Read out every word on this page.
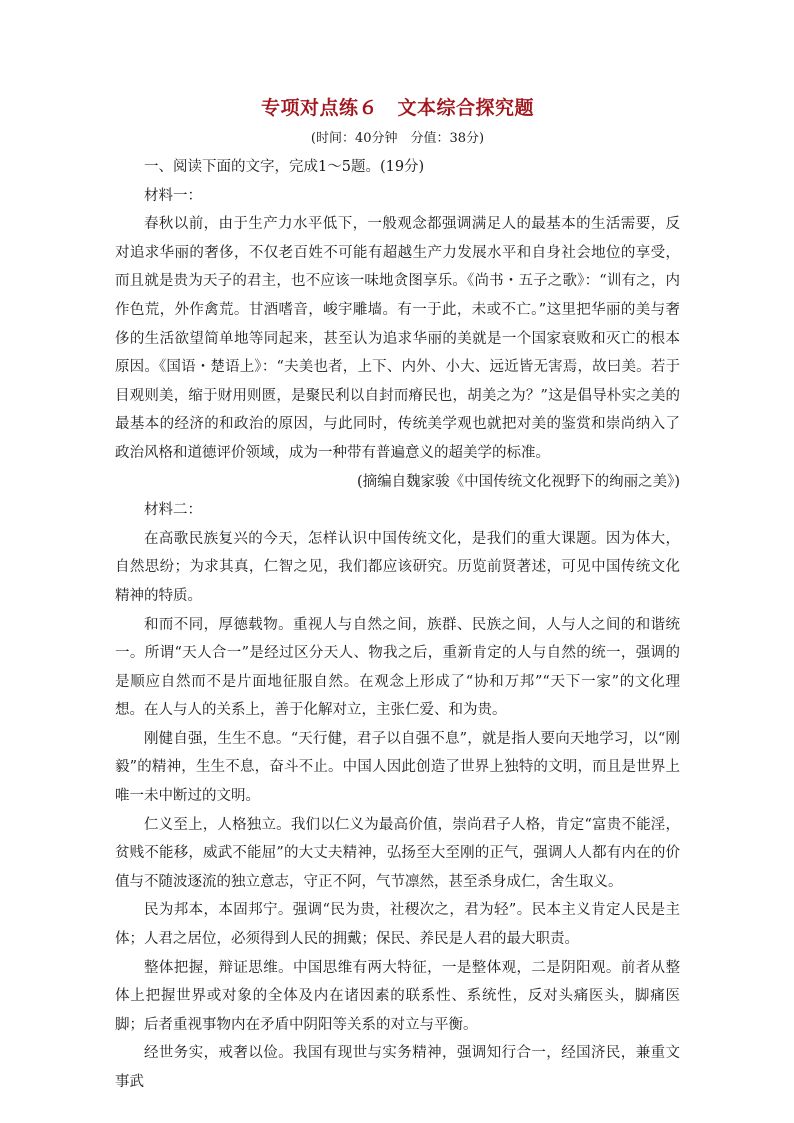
专项对点练６　文本综合探究题
(时间：40分钟　分值：38分)

一、阅读下面的文字，完成1～5题。(19分)

材料一：

春秋以前，由于生产力水平低下，一般观念都强调满足人的最基本的生活需要，反对追求华丽的奢侈，不仅老百姓不可能有超越生产力发展水平和自身社会地位的享受，而且就是贵为天子的君主，也不应该一味地贪图享乐。《尚书・五子之歌》：“训有之，内作色荒，外作禽荒。甘酒嗜音，峻宇雕墙。有一于此，未或不亡。”这里把华丽的美与奢侈的生活欲望简单地等同起来，甚至认为追求华丽的美就是一个国家衰败和灭亡的根本原因。《国语・楚语上》：“夫美也者，上下、内外、小大、远近皆无害焉，故曰美。若于目观则美，缩于财用则匮，是聚民利以自封而瘠民也，胡美之为？”这是倡导朴实之美的最基本的经济的和政治的原因，与此同时，传统美学观也就把对美的鉴赏和崇尚纳入了政治风格和道德评价领域，成为一种带有普遍意义的超美学的标准。

(摘编自魏家骏《中国传统文化视野下的绚丽之美》)

材料二：

在高歌民族复兴的今天，怎样认识中国传统文化，是我们的重大课题。因为体大，自然思纷；为求其真，仁智之见，我们都应该研究。历览前贤著述，可见中国传统文化精神的特质。

和而不同，厚德载物。重视人与自然之间，族群、民族之间，人与人之间的和谐统一。所谓“天人合一”是经过区分天人、物我之后，重新肯定的人与自然的统一，强调的是顺应自然而不是片面地征服自然。在观念上形成了“协和万邦”“天下一家”的文化理想。在人与人的关系上，善于化解对立，主张仁爱、和为贵。

刚健自强，生生不息。“天行健，君子以自强不息”，就是指人要向天地学习，以“刚毅”的精神，生生不息，奋斗不止。中国人因此创造了世界上独特的文明，而且是世界上唯一未中断过的文明。

仁义至上，人格独立。我们以仁义为最高价值，崇尚君子人格，肯定“富贵不能淫，贫贱不能移，威武不能屈”的大丈夫精神，弘扬至大至刚的正气，强调人人都有内在的价值与不随波逐流的独立意志，守正不阿，气节凛然，甚至杀身成仁，舍生取义。

民为邦本，本固邦宁。强调“民为贵，社稷次之，君为轻”。民本主义肯定人民是主体；人君之居位，必须得到人民的拥戴；保民、养民是人君的最大职责。

整体把握，辩证思维。中国思维有两大特征，一是整体观，二是阴阳观。前者从整体上把握世界或对象的全体及内在诸因素的联系性、系统性，反对头痛医头，脚痛医脚；后者重视事物内在矛盾中阴阳等关系的对立与平衡。

经世务实，戒奢以俭。我国有现世与实务精神，强调知行合一，经国济民，兼重文事武
